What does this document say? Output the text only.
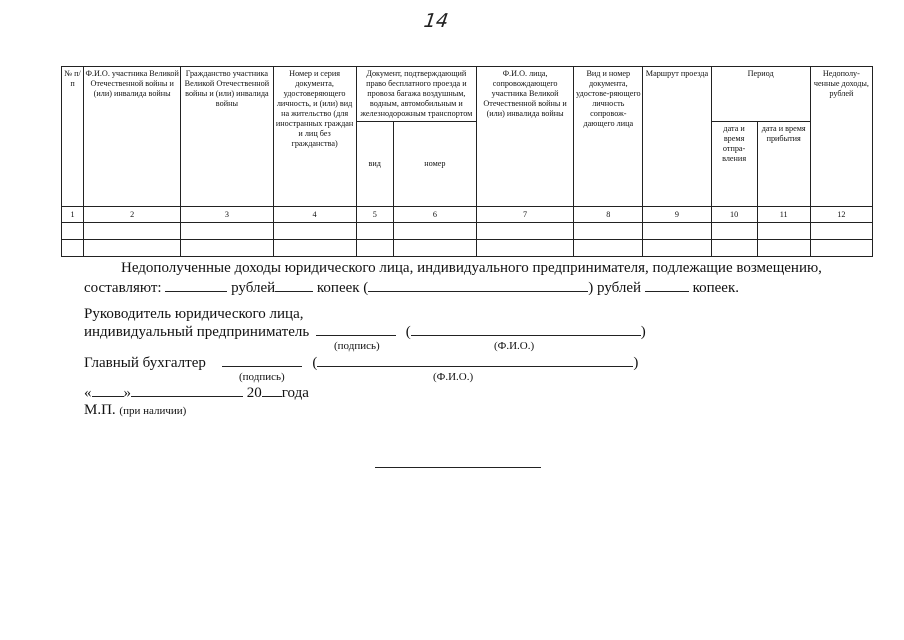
14
№ п/п	Ф.И.О. участника Великой Отечественной войны и (или) инвалида войны	Гражданство участника Великой Отечественной войны и (или) инвалида войны	Номер и серия документа, удостоверяющего личность, и (или) вид на жительство (для иностранных граждан и лиц без гражданства)	Документ, подтверждающий право бесплатного проезда и провоза багажа воздушным, водным, автомобильным и железнодорожным транспортом		Ф.И.О. лица, сопровождающего участника Великой Отечественной войны и (или) инвалида войны	Вид и номер документа, удостове-ряющего личность сопровож-дающего лица	Маршрут проезда	Период		Недополу-ченные доходы, рублей
				вид	номер				дата и время отпра-вления	дата и время прибытия	
1	2	3	4	5	6	7	8	9	10	11	12

Недополученные доходы юридического лица, индивидуального предпринимателя, подлежащие возмещению,
составляют:	рублей	копеек (	) рублей	копеек.
Руководитель юридического лица,
индивидуальный предприниматель	(	)
(подпись)	(Ф.И.О.)
Главный бухгалтер	(	)
(подпись)	(Ф.И.О.)
« »	20 года
М.П. (при наличии)
